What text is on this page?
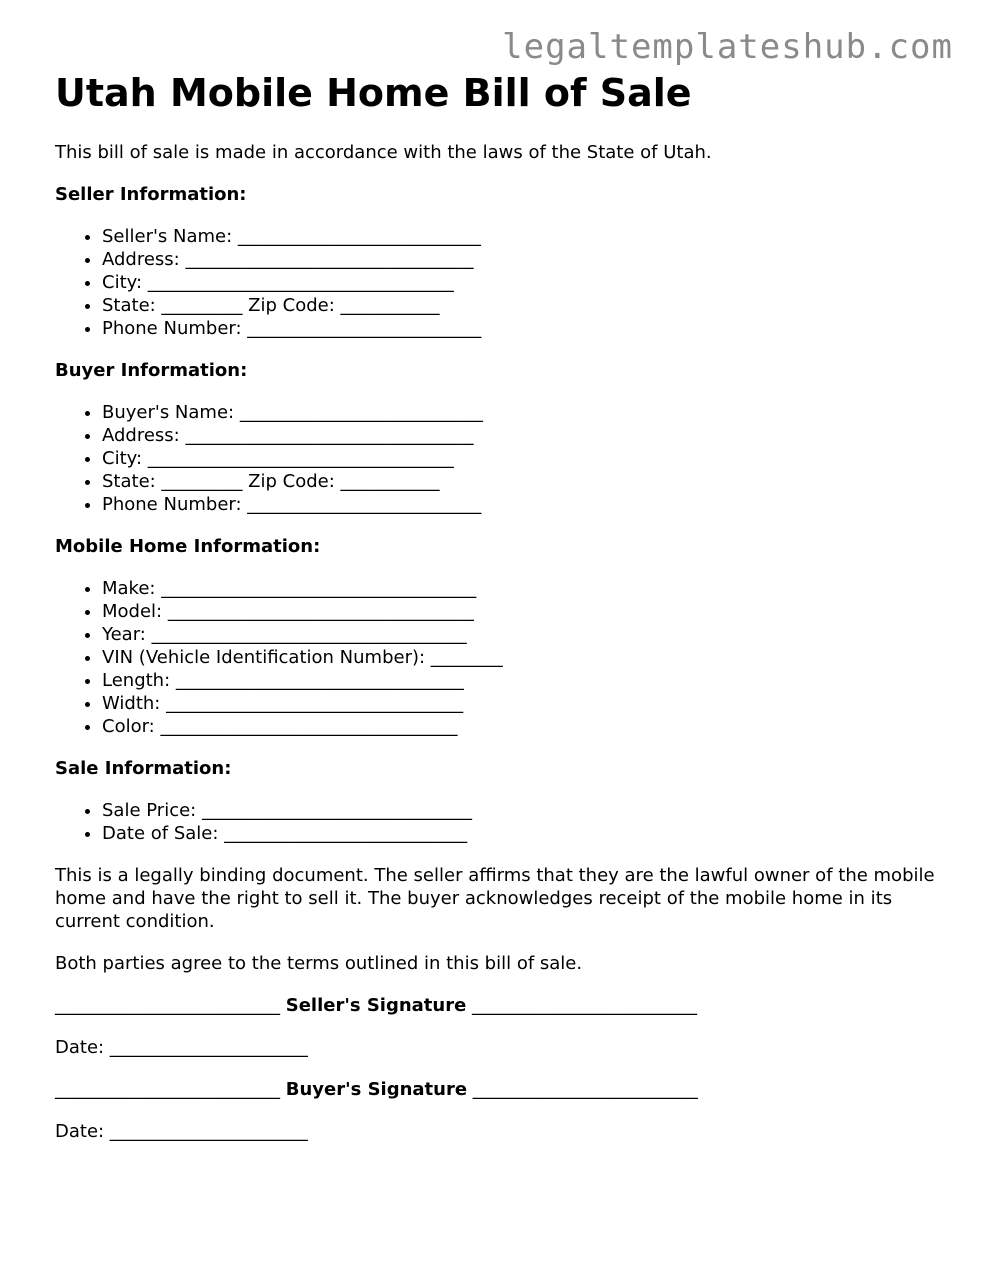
legaltemplateshub.com
Utah Mobile Home Bill of Sale

This bill of sale is made in accordance with the laws of the State of Utah.

Seller Information:
• Seller's Name: ___________________________
• Address: ________________________________
• City: __________________________________
• State: _________ Zip Code: ___________
• Phone Number: __________________________
Buyer Information:
• Buyer's Name: ___________________________
• Address: ________________________________
• City: __________________________________
• State: _________ Zip Code: ___________
• Phone Number: __________________________
Mobile Home Information:
• Make: ___________________________________
• Model: __________________________________
• Year: ___________________________________
• VIN (Vehicle Identification Number): ________
• Length: ________________________________
• Width: _________________________________
• Color: _________________________________
Sale Information:
• Sale Price: ______________________________
• Date of Sale: ___________________________

This is a legally binding document. The seller affirms that they are the lawful owner of the mobile home and have the right to sell it. The buyer acknowledges receipt of the mobile home in its current condition.

Both parties agree to the terms outlined in this bill of sale.

_________________________ Seller's Signature _________________________
Date: ______________________
_________________________ Buyer's Signature _________________________
Date: ______________________
